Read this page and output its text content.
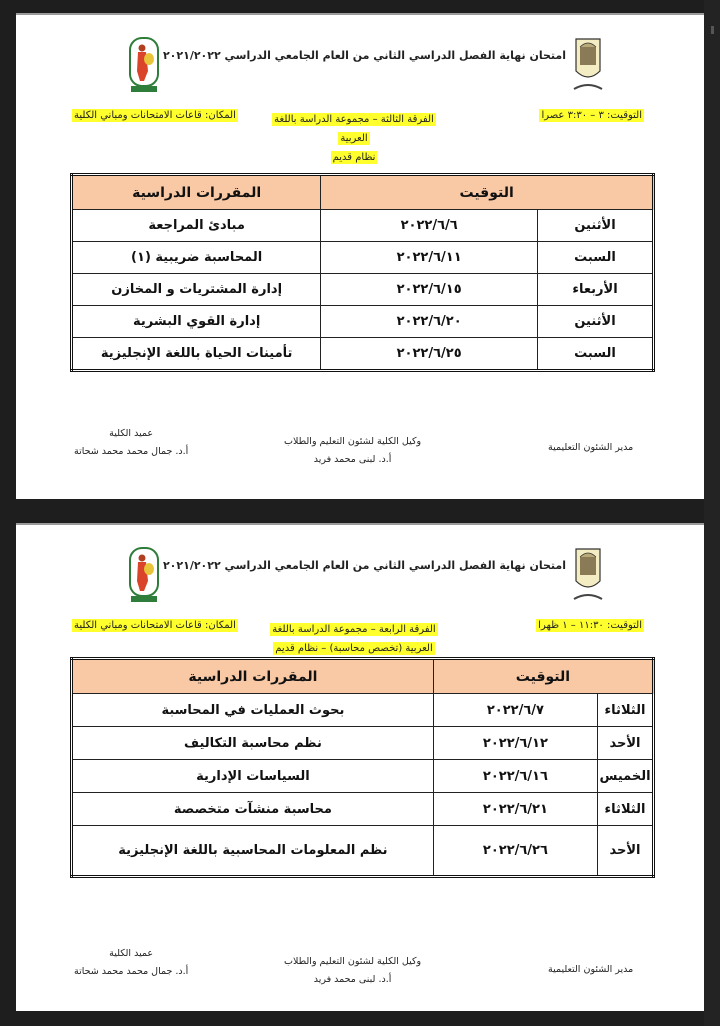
امتحان نهاية الفصل الدراسي الثاني من العام الجامعي الدراسي ٢٠٢١/٢٠٢٢
التوقيت: ٣ – ٣:٣٠ عصرا
الفرقة الثالثة – مجموعة الدراسة باللغة
العربية
نظام قديم
المكان: قاعات الامتحانات ومباني الكلية
التوقيت		المقررات الدراسية
الأثنين	٢٠٢٢/٦/٦	مبادئ المراجعة
السبت	٢٠٢٢/٦/١١	المحاسبة ضريبية (١)
الأربعاء	٢٠٢٢/٦/١٥	إدارة المشتريات و المخازن
الأثنين	٢٠٢٢/٦/٢٠	إدارة القوي البشرية
السبت	٢٠٢٢/٦/٢٥	تأمينات الحياة باللغة الإنجليزية
عميد الكلية
أ.د. جمال محمد محمد شحاتة
وكيل الكلية لشئون التعليم والطلاب
أ.د. لبنى محمد فريد
مدير الشئون التعليمية
امتحان نهاية الفصل الدراسي الثاني من العام الجامعي الدراسي ٢٠٢١/٢٠٢٢
التوقيت: ١١:٣٠ – ١ ظهرا
الفرقة الرابعة – مجموعة الدراسة باللغة
العربية (تخصص محاسبة) – نظام قديم
المكان: قاعات الامتحانات ومباني الكلية
التوقيت		المقررات الدراسية
الثلاثاء	٢٠٢٢/٦/٧	بحوث العمليات في المحاسبة
الأحد	٢٠٢٢/٦/١٢	نظم محاسبة التكاليف
الخميس	٢٠٢٢/٦/١٦	السياسات الإدارية
الثلاثاء	٢٠٢٢/٦/٢١	محاسبة منشآت متخصصة
الأحد	٢٠٢٢/٦/٢٦	نظم المعلومات المحاسبية باللغة الإنجليزية
عميد الكلية
أ.د. جمال محمد محمد شحاتة
وكيل الكلية لشئون التعليم والطلاب
أ.د. لبنى محمد فريد
مدير الشئون التعليمية
